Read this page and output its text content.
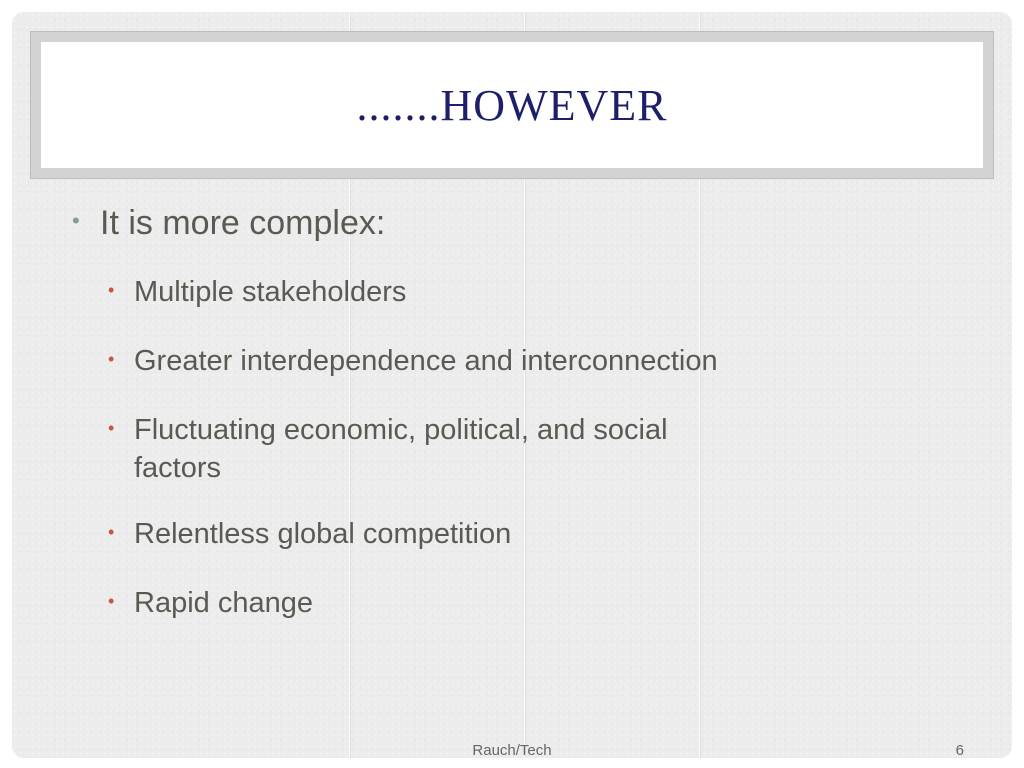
.......HOWEVER
• It is more complex:
• Multiple stakeholders
• Greater interdependence and interconnection
• Fluctuating economic, political, and social factors
• Relentless global competition
• Rapid change
Rauch/Tech	6
